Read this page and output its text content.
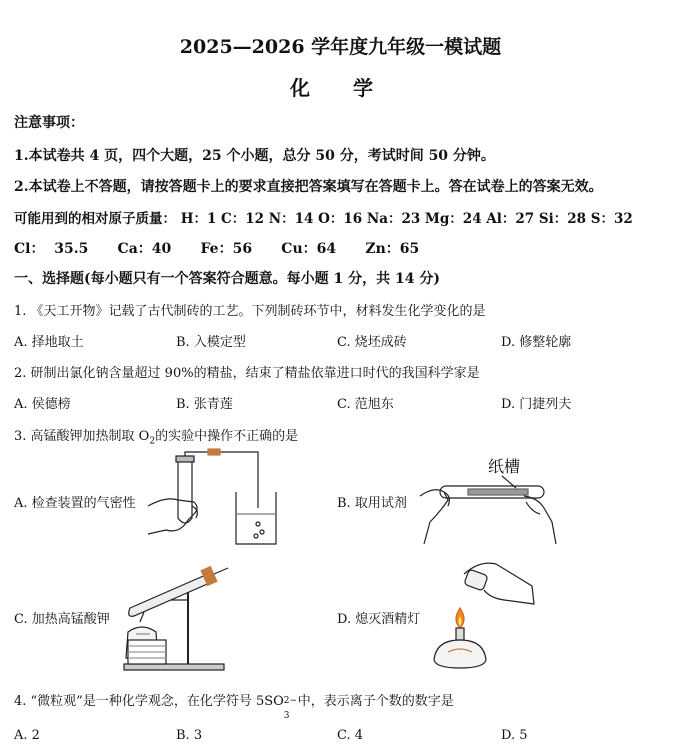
2025—2026 学年度九年级一模试题
化 学
注意事项：
1.本试卷共 4 页，四个大题，25 个小题，总分 50 分，考试时间 50 分钟。
2.本试卷上不答题，请按答题卡上的要求直接把答案填写在答题卡上。答在试卷上的答案无效。
可能用到的相对原子质量： H：1 C：12 N：14 O：16 Na：23 Mg：24 Al：27 Si：28 S：32
Cl：  35.5      Ca：40      Fe：56      Cu：64      Zn：65
一、选择题(每小题只有一个答案符合题意。每小题 1 分，共 14 分)
1. 《天工开物》记载了古代制砖的工艺。下列制砖环节中，材料发生化学变化的是
A. 择地取土	B. 入模定型	C. 烧坯成砖	D. 修整轮廓
2. 研制出氯化钠含量超过 90%的精盐，结束了精盐依靠进口时代的我国科学家是
A. 侯德榜	B. 张青莲	C. 范旭东	D. 门捷列夫
3. 高锰酸钾加热制取 $O_2$的实验中操作不正确的是
A. 检查装置的气密性	B. 取用试剂
C. 加热高锰酸钾	D. 熄灭酒精灯
纸槽
4. “微粒观”是一种化学观念，在化学符号 5SO 2−
3
中，表示离子个数的数字是
A. 2	B. 3	C. 4	D. 5
